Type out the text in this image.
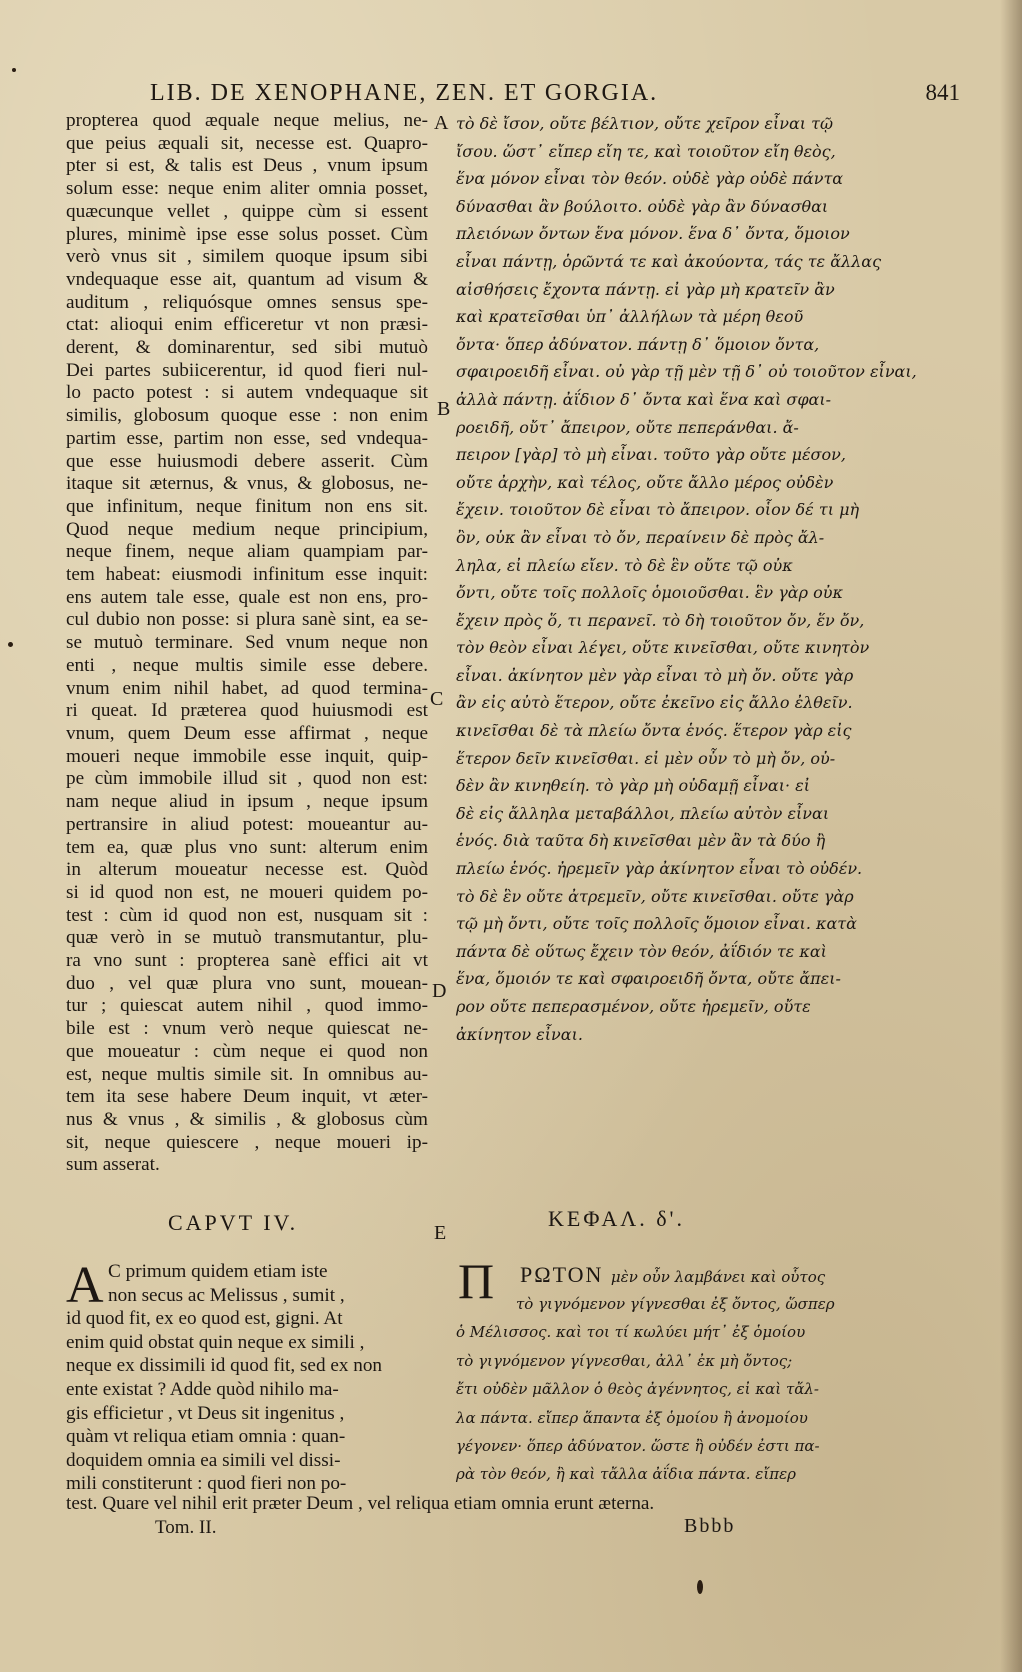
LIB. DE XENOPHANE, ZEN. ET GORGIA.	841
propterea quod æquale neque melius, ne-
que peius æquali sit, necesse est. Quapro-
pter si est, & talis est Deus , vnum ipsum
solum esse: neque enim aliter omnia posset,
quæcunque vellet , quippe cùm si essent
plures, minimè ipse esse solus posset. Cùm
verò vnus sit , similem quoque ipsum sibi
vndequaque esse ait, quantum ad visum &
auditum , reliquósque omnes sensus spe-
ctat: alioqui enim efficeretur vt non præsi-
derent, & dominarentur, sed sibi mutuò
Dei partes subiicerentur, id quod fieri nul-
lo pacto potest : si autem vndequaque sit
similis, globosum quoque esse : non enim
partim esse, partim non esse, sed vndequa-
que esse huiusmodi debere asserit. Cùm
itaque sit æternus, & vnus, & globosus, ne-
que infinitum, neque finitum non ens sit.
Quod neque medium neque principium,
neque finem, neque aliam quampiam par-
tem habeat: eiusmodi infinitum esse inquit:
ens autem tale esse, quale est non ens, pro-
cul dubio non posse: si plura sanè sint, ea se-
se mutuò terminare. Sed vnum neque non
enti , neque multis simile esse debere.
vnum enim nihil habet, ad quod termina-
ri queat. Id præterea quod huiusmodi est
vnum, quem Deum esse affirmat , neque
moueri neque immobile esse inquit, quip-
pe cùm immobile illud sit , quod non est:
nam neque aliud in ipsum , neque ipsum
pertransire in aliud potest: moueantur au-
tem ea, quæ plus vno sunt: alterum enim
in alterum moueatur necesse est. Quòd
si id quod non est, ne moueri quidem po-
test : cùm id quod non est, nusquam sit :
quæ verò in se mutuò transmutantur, plu-
ra vno sunt : propterea sanè effici ait vt
duo , vel quæ plura vno sunt, mouean-
tur ; quiescat autem nihil , quod immo-
bile est : vnum verò neque quiescat ne-
que moueatur : cùm neque ei quod non
est, neque multis simile sit. In omnibus au-
tem ita sese habere Deum inquit, vt æter-
nus & vnus , & similis , & globosus cùm
sit, neque quiescere , neque moueri ip-
sum asserat.
τὸ δὲ ἴσον, οὔτε βέλτιον, οὔτε χεῖρον εἶναι τῷ
ἴσου. ὥστ᾽ εἴπερ εἴη τε, καὶ τοιοῦτον εἴη θεὸς,
ἕνα μόνον εἶναι τὸν θεόν. οὐδὲ γὰρ οὐδὲ πάντα
δύνασθαι ἂν βούλοιτο. οὐδὲ γὰρ ἂν δύνασθαι
πλειόνων ὄντων ἕνα μόνον. ἕνα δ᾽ ὄντα, ὅμοιον
εἶναι πάντῃ, ὁρῶντά τε καὶ ἀκούοντα, τάς τε ἄλλας
αἰσθήσεις ἔχοντα πάντῃ. εἰ γὰρ μὴ κρατεῖν ἂν
καὶ κρατεῖσθαι ὑπ᾽ ἀλλήλων τὰ μέρη θεοῦ
ὄντα· ὅπερ ἀδύνατον. πάντῃ δ᾽ ὅμοιον ὄντα,
σφαιροειδῆ εἶναι. οὐ γὰρ τῇ μὲν τῇ δ᾽ οὐ τοιοῦτον εἶναι,
ἀλλὰ πάντῃ. ἀΐδιον δ᾽ ὄντα καὶ ἕνα καὶ σφαι-
ροειδῆ, οὔτ᾽ ἄπειρον, οὔτε πεπεράνθαι. ἄ-
πειρον [γὰρ] τὸ μὴ εἶναι. τοῦτο γὰρ οὔτε μέσον,
οὔτε ἀρχὴν, καὶ τέλος, οὔτε ἄλλο μέρος οὐδὲν
ἔχειν. τοιοῦτον δὲ εἶναι τὸ ἄπειρον. οἷον δέ τι μὴ
ὂν, οὐκ ἂν εἶναι τὸ ὄν, περαίνειν δὲ πρὸς ἄλ-
ληλα, εἰ πλείω εἴεν. τὸ δὲ ἓν οὔτε τῷ οὐκ
ὄντι, οὔτε τοῖς πολλοῖς ὁμοιοῦσθαι. ἓν γὰρ οὐκ
ἔχειν πρὸς ὅ, τι περανεῖ. τὸ δὴ τοιοῦτον ὄν, ἕν ὄν,
τὸν θεὸν εἶναι λέγει, οὔτε κινεῖσθαι, οὔτε κινητὸν
εἶναι. ἀκίνητον μὲν γὰρ εἶναι τὸ μὴ ὄν. οὔτε γὰρ
ἂν εἰς αὐτὸ ἕτερον, οὔτε ἐκεῖνο εἰς ἄλλο ἐλθεῖν.
κινεῖσθαι δὲ τὰ πλείω ὄντα ἑνός. ἕτερον γὰρ εἰς
ἕτερον δεῖν κινεῖσθαι. εἰ μὲν οὖν τὸ μὴ ὄν, οὐ-
δὲν ἂν κινηθείη. τὸ γὰρ μὴ οὐδαμῇ εἶναι· εἰ
δὲ εἰς ἄλληλα μεταβάλλοι, πλείω αὐτὸν εἶναι
ἑνός. διὰ ταῦτα δὴ κινεῖσθαι μὲν ἂν τὰ δύο ἢ
πλείω ἑνός. ἠρεμεῖν γὰρ ἀκίνητον εἶναι τὸ οὐδέν.
τὸ δὲ ἓν οὔτε ἀτρεμεῖν, οὔτε κινεῖσθαι. οὔτε γὰρ
τῷ μὴ ὄντι, οὔτε τοῖς πολλοῖς ὅμοιον εἶναι. κατὰ
πάντα δὲ οὕτως ἔχειν τὸν θεόν, ἀΐδιόν τε καὶ
ἕνα, ὅμοιόν τε καὶ σφαιροειδῆ ὄντα, οὔτε ἄπει-
ρον οὔτε πεπερασμένον, οὔτε ἠρεμεῖν, οὔτε
ἀκίνητον εἶναι.
A
B
C
D
E
CAPVT IV.	ΚΕΦΑΛ. δ'.
A C primum quidem etiam iste
non secus ac Melissus , sumit ,
id quod fit, ex eo quod est, gigni. At
enim quid obstat quin neque ex simili ,
neque ex dissimili id quod fit, sed ex non
ente existat ? Adde quòd nihilo ma-
gis efficietur , vt Deus sit ingenitus ,
quàm vt reliqua etiam omnia : quan-
doquidem omnia ea simili vel dissi-
mili constiterunt : quod fieri non po-
Π ΡΩΤΟΝ μὲν οὖν λαμβάνει καὶ οὗτος
τὸ γιγνόμενον γίγνεσθαι ἐξ ὄντος, ὥσπερ
ὁ Μέλισσος. καὶ τοι τί κωλύει μήτ᾽ ἐξ ὁμοίου
τὸ γιγνόμενον γίγνεσθαι, ἀλλ᾽ ἐκ μὴ ὄντος;
ἔτι οὐδὲν μᾶλλον ὁ θεὸς ἀγέννητος, εἰ καὶ τἄλ-
λα πάντα. εἴπερ ἅπαντα ἐξ ὁμοίου ἢ ἀνομοίου
γέγονεν· ὅπερ ἀδύνατον. ὥστε ἢ οὐδέν ἐστι πα-
ρὰ τὸν θεόν, ἢ καὶ τἄλλα ἀΐδια πάντα. εἴπερ
test. Quare vel nihil erit præter Deum , vel reliqua etiam omnia erunt æterna.
Tom. II.	Bbbb
